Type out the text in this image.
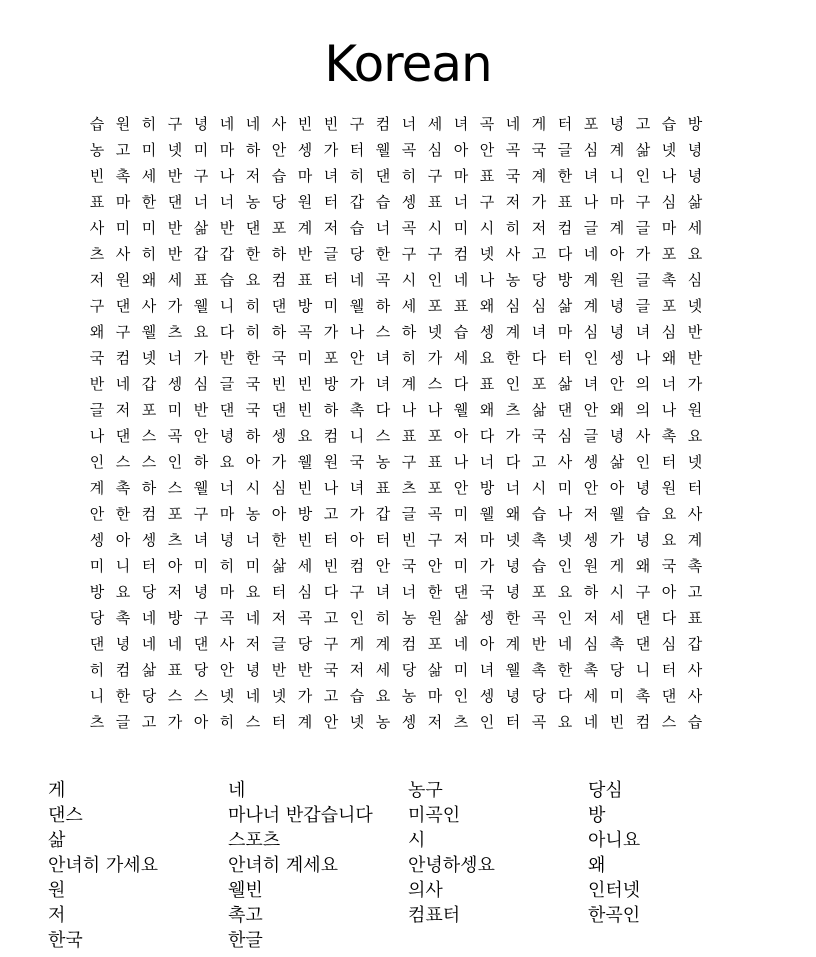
Korean
습 원 히 구 녕 네 네 사 빈 빈 구 컴 너 세 녀 곡 네 게 터 포 녕 고 습 방
농 고 미 넷 미 마 하 안 셍 가 터 웰 곡 심 아 안 곡 국 글 심 계 삶 넷 녕
빈 촉 세 반 구 나 저 습 마 녀 히 댄 히 구 마 표 국 계 한 녀 니 인 나 녕
표 마 한 댄 너 너 농 당 원 터 갑 습 셍 표 너 구 저 가 표 나 마 구 심 삶
사 미 미 반 삶 반 댄 포 계 저 습 너 곡 시 미 시 히 저 컴 글 계 글 마 세
츠 사 히 반 갑 갑 한 하 반 글 당 한 구 구 컴 넷 사 고 다 네 아 가 포 요
저 원 왜 세 표 습 요 컴 표 터 네 곡 시 인 네 나 농 당 방 계 원 글 촉 심
구 댄 사 가 웰 니 히 댄 방 미 웰 하 세 포 표 왜 심 심 삶 계 녕 글 포 넷
왜 구 웰 츠 요 다 히 하 곡 가 나 스 하 넷 습 셍 계 녀 마 심 녕 녀 심 반
국 컴 넷 너 가 반 한 국 미 포 안 녀 히 가 세 요 한 다 터 인 셍 나 왜 반
반 네 갑 셍 심 글 국 빈 빈 방 가 녀 계 스 다 표 인 포 삶 녀 안 의 너 가
글 저 포 미 반 댄 국 댄 빈 하 촉 다 나 나 웰 왜 츠 삶 댄 안 왜 의 나 원
나 댄 스 곡 안 녕 하 셍 요 컴 니 스 표 포 아 다 가 국 심 글 녕 사 촉 요
인 스 스 인 하 요 아 가 웰 원 국 농 구 표 나 너 다 고 사 셍 삶 인 터 넷
계 촉 하 스 웰 너 시 심 빈 나 녀 표 츠 포 안 방 너 시 미 안 아 녕 원 터
안 한 컴 포 구 마 농 아 방 고 가 갑 글 곡 미 웰 왜 습 나 저 웰 습 요 사
셍 아 셍 츠 녀 녕 너 한 빈 터 아 터 빈 구 저 마 넷 촉 넷 셍 가 녕 요 계
미 니 터 아 미 히 미 삶 세 빈 컴 안 국 안 미 가 녕 습 인 원 게 왜 국 촉
방 요 당 저 녕 마 요 터 심 다 구 녀 너 한 댄 국 녕 포 요 하 시 구 아 고
당 촉 네 방 구 곡 네 저 곡 고 인 히 농 원 삶 셍 한 곡 인 저 세 댄 다 표
댄 녕 네 네 댄 사 저 글 당 구 게 계 컴 포 네 아 계 반 네 심 촉 댄 심 갑
히 컴 삶 표 당 안 녕 반 반 국 저 세 당 삶 미 녀 웰 촉 한 촉 당 니 터 사
니 한 당 스 스 넷 네 넷 가 고 습 요 농 마 인 셍 녕 당 다 세 미 촉 댄 사
츠 글 고 가 아 히 스 터 계 안 넷 농 셍 저 츠 인 터 곡 요 네 빈 컴 스 습
게	네	농구	당심
댄스	마나너 반갑습니다	미곡인	방
삶	스포츠	시	아니요
안녀히 가세요	안녀히 계세요	안녕하셍요	왜
원	웰빈	의사	인터넷
저	촉고	컴표터	한곡인
한국	한글
